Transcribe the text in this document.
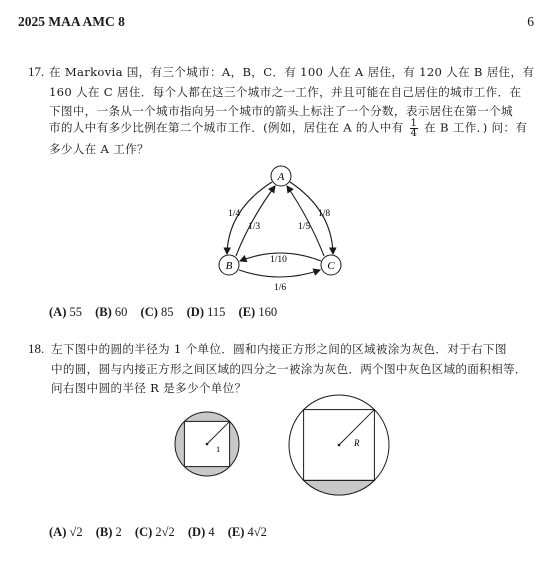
2025 MAA AMC 8	6
17. 在 Markovia 国，有三个城市：A，B，C．有 100 人在 A 居住，有 120 人在 B 居住，有
160 人在 C 居住．每个人都在这三个城市之一工作，并且可能在自己居住的城市工作．在
下图中，一条从一个城市指向另一个城市的箭头上标注了一个分数，表示居住在第一个城
市的人中有多少比例在第二个城市工作．(例如，居住在 A 的人中有 $\frac{1}{4}$ 在 B 工作．) 问：有
多少人在 A 工作？
A
B	C
1/4
1/3	1/5
1/8
1/10
1/6
1
R
(A) 55 (B) 60 (C) 85 (D) 115 (E) 160
18. 左下图中的圆的半径为 1 个单位．圆和内接正方形之间的区域被涂为灰色．对于右下图
中的圆，圆与内接正方形之间区域的四分之一被涂为灰色．两个图中灰色区域的面积相等．
问右图中圆的半径 R 是多少个单位？
(A) √2 (B) 2 (C) 2√2 (D) 4 (E) 4√2
